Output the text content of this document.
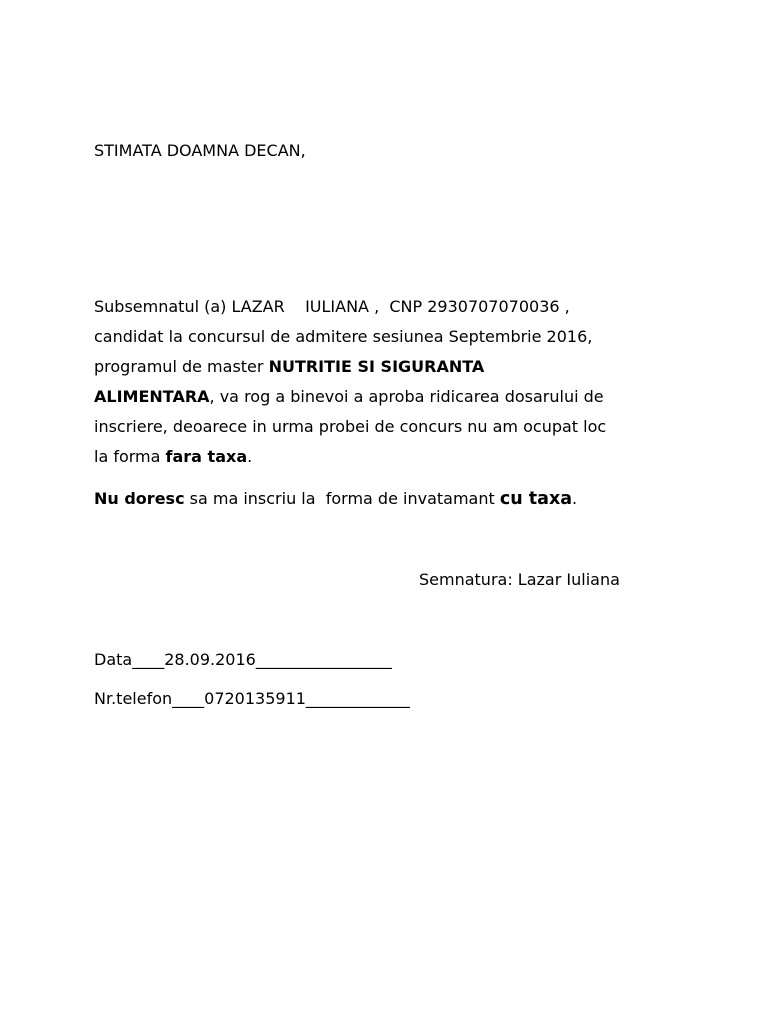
STIMATA DOAMNA DECAN,
Subsemnatul (a) LAZAR    IULIANA ,  CNP 2930707070036 ,
candidat la concursul de admitere sesiunea Septembrie 2016,
programul de master NUTRITIE SI SIGURANTA
ALIMENTARA, va rog a binevoi a aproba ridicarea dosarului de
inscriere, deoarece in urma probei de concurs nu am ocupat loc
la forma fara taxa.
Nu doresc sa ma inscriu la  forma de invatamant cu taxa.
Semnatura: Lazar Iuliana
Data____28.09.2016_________________
Nr.telefon____0720135911_____________
